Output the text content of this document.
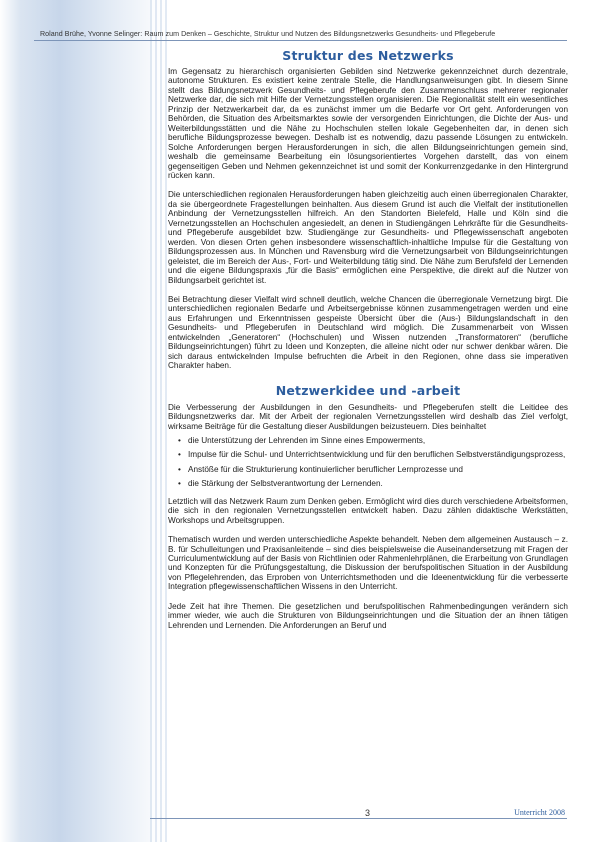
Roland Brühe, Yvonne Selinger: Raum zum Denken – Geschichte, Struktur und Nutzen des Bildungsnetzwerks Gesundheits- und Pflegeberufe
Struktur des Netzwerks

Im Gegensatz zu hierarchisch organisierten Gebilden sind Netzwerke gekennzeichnet durch dezentrale, autonome Strukturen. Es existiert keine zentrale Stelle, die Handlungsanweisungen gibt. In diesem Sinne stellt das Bildungsnetzwerk Gesundheits- und Pflegeberufe den Zusammenschluss mehrerer regionaler Netzwerke dar, die sich mit Hilfe der Vernetzungsstellen organisieren. Die Regionalität stellt ein wesentliches Prinzip der Netzwerkarbeit dar, da es zunächst immer um die Bedarfe vor Ort geht. Anforderungen von Behörden, die Situation des Arbeitsmarktes sowie der versorgenden Einrichtungen, die Dichte der Aus- und Weiterbildungsstätten und die Nähe zu Hochschulen stellen lokale Gegebenheiten dar, in denen sich berufliche Bildungsprozesse bewegen. Deshalb ist es notwendig, dazu passende Lösungen zu entwickeln. Solche Anforderungen bergen Herausforderungen in sich, die allen Bildungseinrichtungen gemein sind, weshalb die gemeinsame Bearbeitung ein lösungsorientiertes Vorgehen darstellt, das von einem gegenseitigen Geben und Nehmen gekennzeichnet ist und somit der Konkurrenzgedanke in den Hintergrund rücken kann.

Die unterschiedlichen regionalen Herausforderungen haben gleichzeitig auch einen überregionalen Charakter, da sie übergeordnete Fragestellungen beinhalten. Aus diesem Grund ist auch die Vielfalt der institutionellen Anbindung der Vernetzungsstellen hilfreich. An den Standorten Bielefeld, Halle und Köln sind die Vernetzungsstellen an Hochschulen angesiedelt, an denen in Studiengängen Lehrkräfte für die Gesundheits- und Pflegeberufe ausgebildet bzw. Studiengänge zur Gesundheits- und Pflegewissenschaft angeboten werden. Von diesen Orten gehen insbesondere wissenschaftlich-inhaltliche Impulse für die Gestaltung von Bildungsprozessen aus. In München und Ravensburg wird die Vernetzungsarbeit von Bildungseinrichtungen geleistet, die im Bereich der Aus-, Fort- und Weiterbildung tätig sind. Die Nähe zum Berufsfeld der Lernenden und die eigene Bildungspraxis „für die Basis“ ermöglichen eine Perspektive, die direkt auf die Nutzer von Bildungsarbeit gerichtet ist.

Bei Betrachtung dieser Vielfalt wird schnell deutlich, welche Chancen die überregionale Vernetzung birgt. Die unterschiedlichen regionalen Bedarfe und Arbeitsergebnisse können zusammengetragen werden und eine aus Erfahrungen und Erkenntnissen gespeiste Übersicht über die (Aus-) Bildungslandschaft in den Gesundheits- und Pflegeberufen in Deutschland wird möglich. Die Zusammenarbeit von Wissen entwickelnden „Generatoren“ (Hochschulen) und Wissen nutzenden „Transformatoren“ (berufliche Bildungseinrichtungen) führt zu Ideen und Konzepten, die alleine nicht oder nur schwer denkbar wären. Die sich daraus entwickelnden Impulse befruchten die Arbeit in den Regionen, ohne dass sie imperativen Charakter haben.

Netzwerkidee und -arbeit

Die Verbesserung der Ausbildungen in den Gesundheits- und Pflegeberufen stellt die Leitidee des Bildungsnetzwerks dar. Mit der Arbeit der regionalen Vernetzungsstellen wird deshalb das Ziel verfolgt, wirksame Beiträge für die Gestaltung dieser Ausbildungen beizusteuern. Dies beinhaltet

• die Unterstützung der Lehrenden im Sinne eines Empowerments,
• Impulse für die Schul- und Unterrichtsentwicklung und für den beruflichen Selbstverständigungsprozess,
• Anstöße für die Strukturierung kontinuierlicher beruflicher Lernprozesse und
• die Stärkung der Selbstverantwortung der Lernenden.

Letztlich will das Netzwerk Raum zum Denken geben. Ermöglicht wird dies durch verschiedene Arbeitsformen, die sich in den regionalen Vernetzungsstellen entwickelt haben. Dazu zählen didaktische Werkstätten, Workshops und Arbeitsgruppen.

Thematisch wurden und werden unterschiedliche Aspekte behandelt. Neben dem allgemeinen Austausch – z. B. für Schulleitungen und Praxisanleitende – sind dies beispielsweise die Auseinandersetzung mit Fragen der Curriculumentwicklung auf der Basis von Richtlinien oder Rahmenlehrplänen, die Erarbeitung von Grundlagen und Konzepten für die Prüfungsgestaltung, die Diskussion der berufspolitischen Situation in der Ausbildung von Pflegelehrenden, das Erproben von Unterrichtsmethoden und die Ideenentwicklung für die verbesserte Integration pflegewissenschaftlichen Wissens in den Unterricht.

Jede Zeit hat ihre Themen. Die gesetzlichen und berufspolitischen Rahmenbedingungen verändern sich immer wieder, wie auch die Strukturen von Bildungseinrichtungen und die Situation der an ihnen tätigen Lehrenden und Lernenden. Die Anforderungen an Beruf und

3	Unterricht 2008
